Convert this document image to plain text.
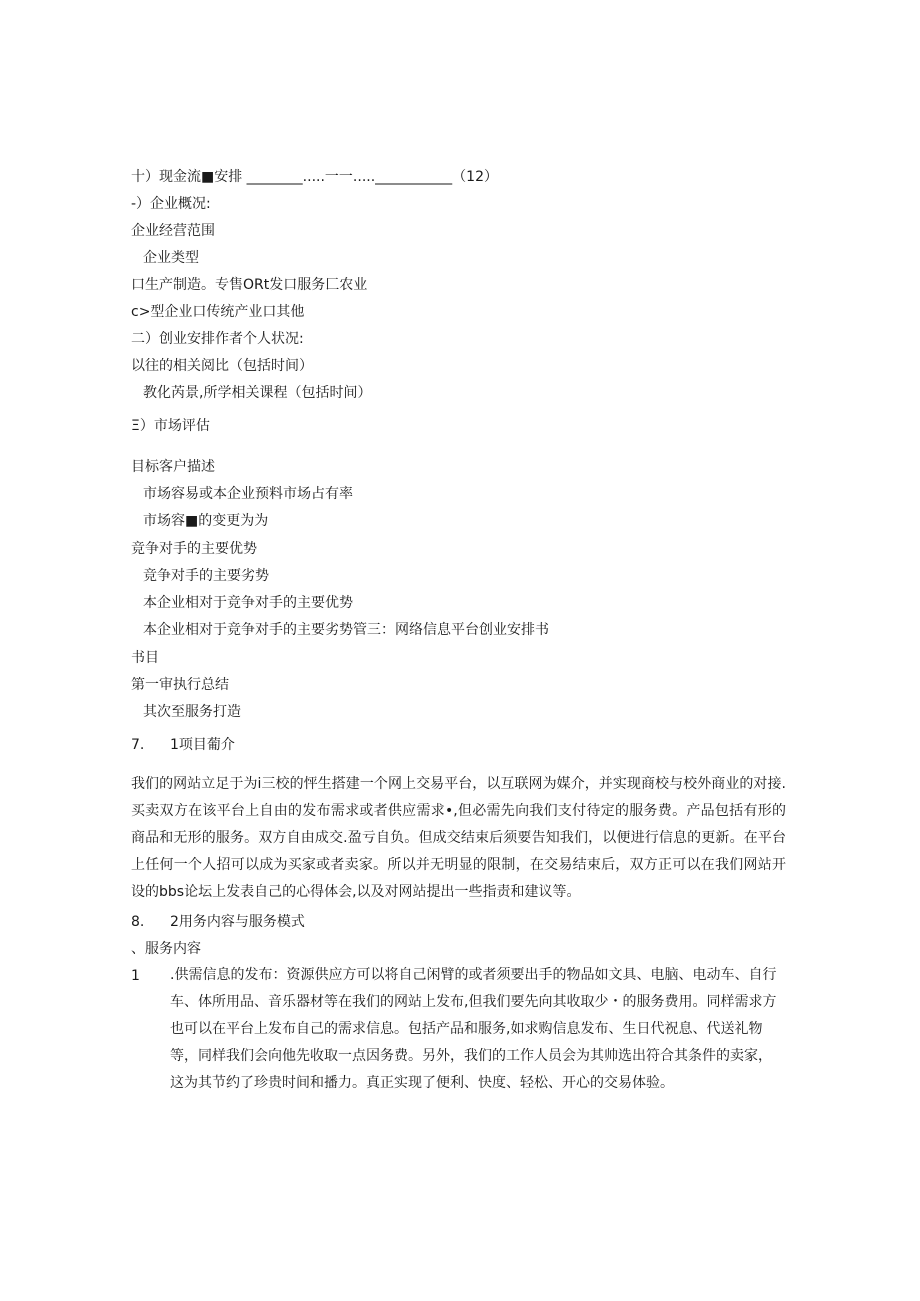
十）现金流■安排 ________.....一一.....___________（12）
-）企业概况:
企业经营范围
企业类型
口生产制造。专售ORt发口服务匚农业
c>型企业口传统产业口其他
二）创业安排作者个人状况:
以往的相关阅比（包括时间）
教化芮景,所学相关课程（包括时间）
Ξ）市场评估
目标客户描述
市场容易或本企业预料市场占有率
市场容■的变更为为
竞争对手的主要优势
竞争对手的主要劣势
本企业相对于竞争对手的主要优势
本企业相对于竞争对手的主要劣势管三：网络信息平台创业安排书
书目
第一审执行总结
其次至服务打造
7. 1项目葡介
我们的网站立足于为i三校的怦生搭建一个网上交易平台，以互联网为媒介，并实现商校与校外商业的对接.买卖双方在该平台上自由的发布需求或者供应需求•,但必需先向我们支付待定的服务费。产品包括有形的商品和无形的服务。双方自由成交.盈亏自负。但成交结束后须要告知我们，以便进行信息的更新。在平台上任何一个人招可以成为买家或者卖家。所以并无明显的限制，在交易结束后，双方正可以在我们网站开设的bbs论坛上发表自己的心得体会,以及对网站提出一些指责和建议等。
8. 2用务内容与服务模式
、服务内容
1 .供需信息的发布：资源供应方可以将自己闲臂的或者须要出手的物品如文具、电脑、电动车、自行车、体所用品、音乐器材等在我们的网站上发布,但我们要先向其收取少・的服务费用。同样需求方也可以在平台上发布自己的需求信息。包括产品和服务,如求购信息发布、生日代祝息、代送礼物等，同样我们会向他先收取一点因务费。另外，我们的工作人员会为其帅选出符合其条件的卖家，这为其节约了珍贵时间和播力。真正实现了便利、快度、轻松、开心的交易体验。
